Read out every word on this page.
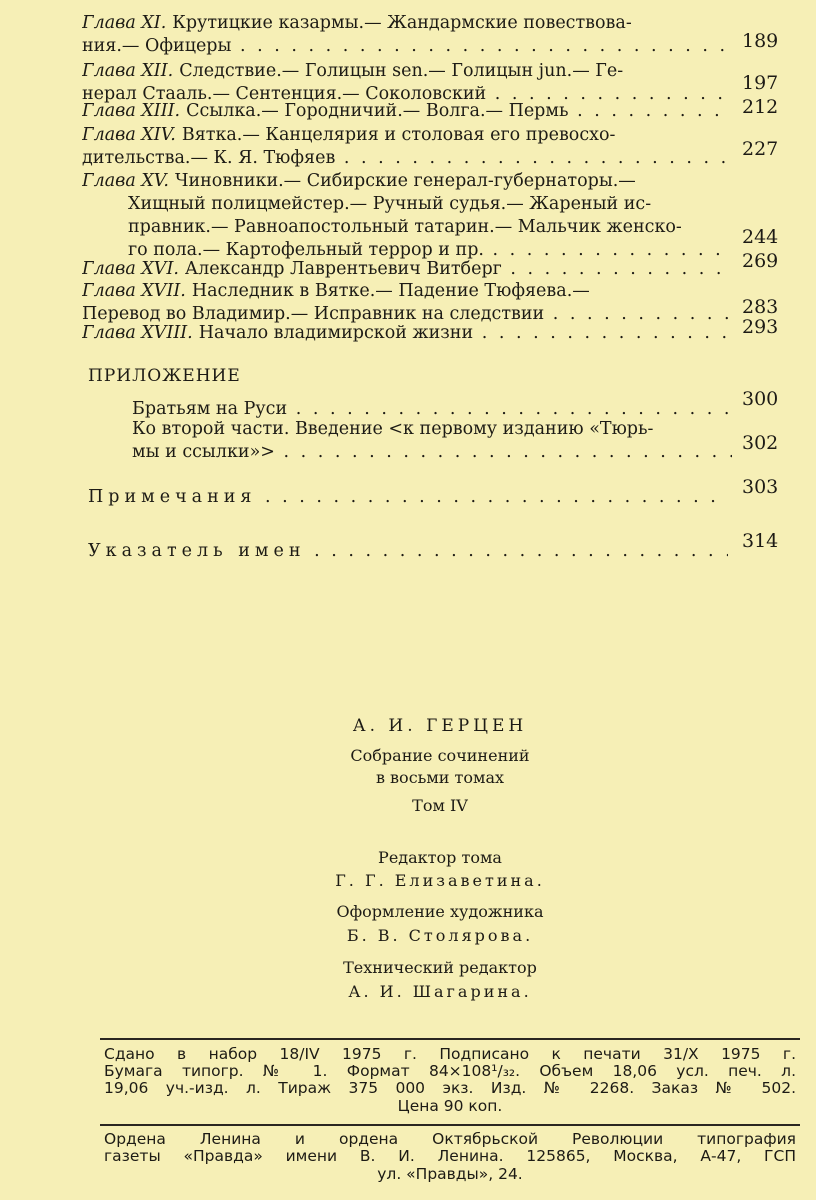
Глава XI. Крутицкие казармы.— Жандармские повествова-
ния.— Офицеры . . .
Глава XII. Следствие.— Голицын sen.— Голицын jun.— Ге-
нерал Стааль.— Сентенция.— Соколовский . . .
Глава XIII. Ссылка.— Городничий.— Волга.— Пермь . . .
Глава XIV. Вятка.— Канцелярия и столовая его превосхо-
дительства.— К. Я. Тюфяев . . .
Глава XV. Чиновники.— Сибирские генерал-губернаторы.—
Хищный полицмейстер.— Ручный судья.— Жареный ис-
правник.— Равноапостольный татарин.— Мальчик женско-
го пола.— Картофельный террор и пр. . . .
Глава XVI. Александр Лаврентьевич Витберг . . .
Глава XVII. Наследник в Вятке.— Падение Тюфяева.—
Перевод во Владимир.— Исправник на следствии . . .
Глава XVIII. Начало владимирской жизни . . .
ПРИЛОЖЕНИЕ
Братьям на Руси . . .
Ко второй части. Введение <к первому изданию «Тюрь-
мы и ссылки»> . . .
Примечания . . .	303
Указатель имен . . .	314
А. И. ГЕРЦЕН
Собрание сочинений
в восьми томах
Том IV
Редактор тома
Г. Г. Елизаветина.
Оформление художника
Б. В. Столярова.
Технический редактор
А. И. Шагарина.
Сдано в набор 18/IV 1975 г. Подписано к печати 31/X 1975 г.
Бумага типогр. № 1. Формат 84×108¹/₃₂. Объем 18,06 усл. печ. л.
19,06 уч.-изд. л. Тираж 375 000 экз. Изд. № 2268. Заказ № 502.
Цена 90 коп.
Ордена Ленина и ордена Октябрьской Революции типография
газеты «Правда» имени В. И. Ленина. 125865, Москва, А-47, ГСП
ул. «Правды», 24.
189
197
212
227
244
269
283
293
300
302
